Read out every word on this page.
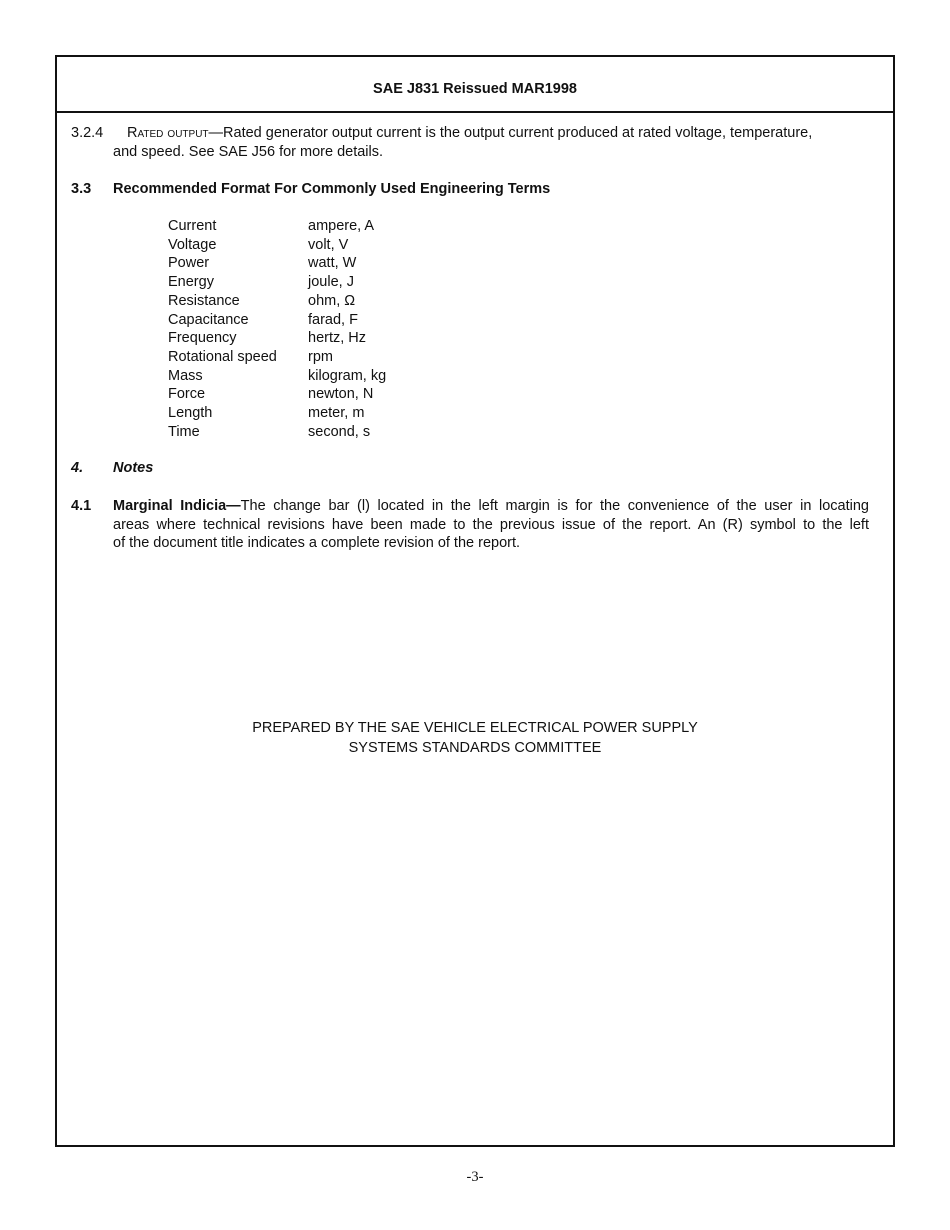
SAE J831 Reissued MAR1998
3.2.4	Rated output—Rated generator output current is the output current produced at rated voltage, temperature,
and speed. See SAE J56 for more details.
3.3	Recommended Format For Commonly Used Engineering Terms
Current	ampere, A
Voltage	volt, V
Power	watt, W
Energy	joule, J
Resistance	ohm, Ω
Capacitance	farad, F
Frequency	hertz, Hz
Rotational speed	rpm
Mass	kilogram, kg
Force	newton, N
Length	meter, m
Time	second, s
4.	Notes
4.1	Marginal Indicia—The change bar (l) located in the left margin is for the convenience of the user in locating
areas where technical revisions have been made to the previous issue of the report. An (R) symbol to the left
of the document title indicates a complete revision of the report.
PREPARED BY THE SAE VEHICLE ELECTRICAL POWER SUPPLY
SYSTEMS STANDARDS COMMITTEE
-3-
